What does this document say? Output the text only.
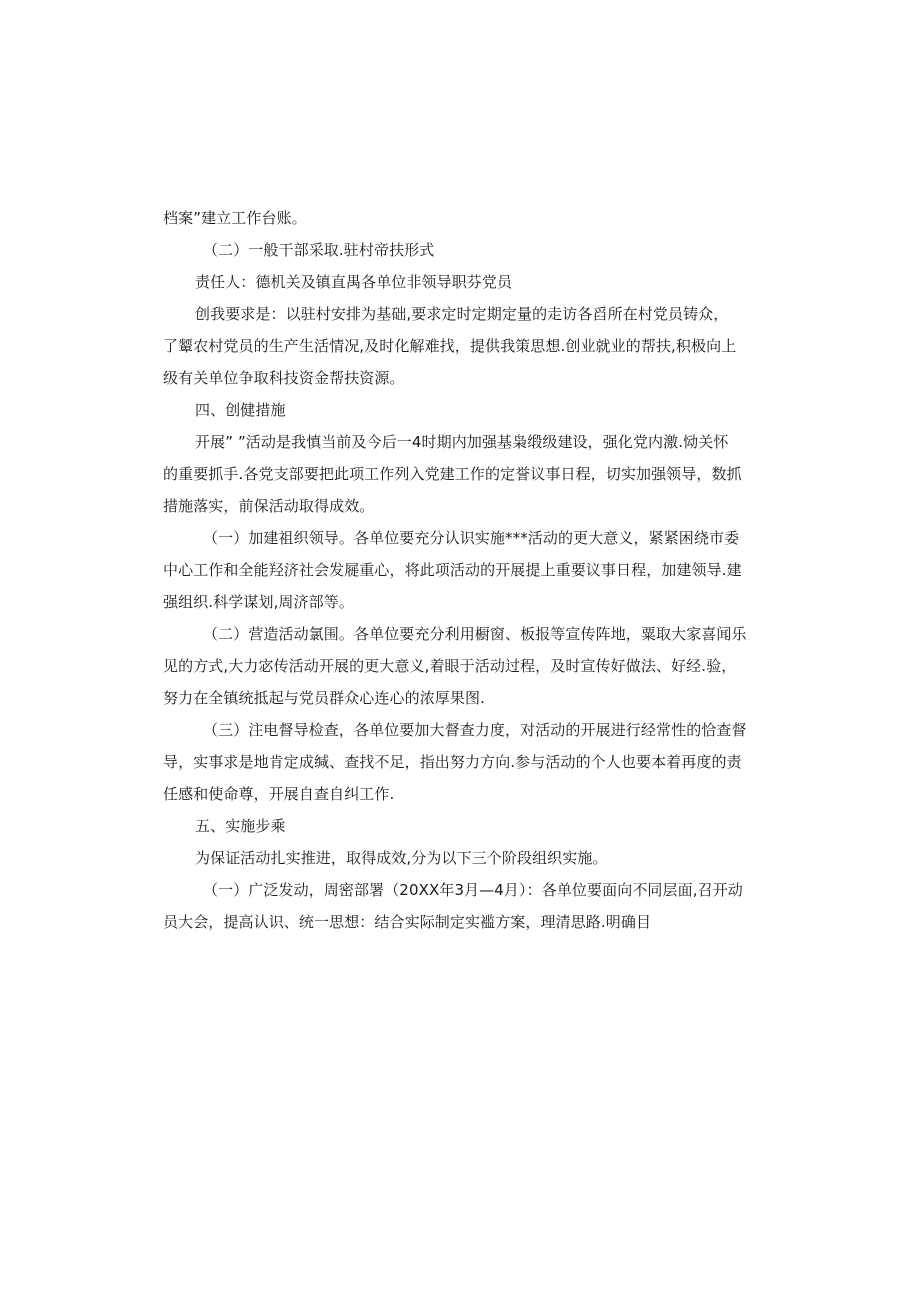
档案”建立工作台账。
（二）一般干部采取.驻村帝扶形式
责任人：德机关及镇直禺各单位非领导职芬党员
创我要求是：以驻村安排为基础,要求定时定期定量的走访各舀所在村党员铸众，
了颦农村党员的生产生活情况,及时化解难找，提供我策思想.创业就业的帮扶,积极向上
级有关单位争取科技资金帮扶资源。
四、创健措施
开展” ”活动是我慎当前及今后一4时期内加强基枭缎级建设，强化党内激.恸关怀
的重要抓手.各党支部要把此项工作列入党建工作的定誉议事日程，切实加强领导，数抓
措施落实，前保活动取得成效。
（一）加建祖织领导。各单位要充分认识实施***活动的更大意义，紧紧困绕市委
中心工作和全能羟济社会发屣重心，将此项活动的开展提上重要议事日程，加建领导.建
强组织.科学谋划,周济部等。
（二）营造活动氯围。各单位要充分利用橱窗、板报等宣传阵地，粟取大家喜闻乐
见的方式,大力宓传活动开展的更大意义,着眼于活动过程，及时宣传好做法、好经.验，
努力在全镇统抵起与党员群众心连心的浓厚果图.
（三）注电督导检查，各单位要加大督查力度，对活动的开展进行经常性的恰查督
导，实事求是地肯定成缄、查找不足，指出努力方向.参与活动的个人也要本着再度的责
任感和使命尊，开展自查自纠工作.
五、实施步乘
为保证活动扎实推进，取得成效,分为以下三个阶段组织实施。
（一）广泛发动，周密部署（20XX年3月—4月）：各单位要面向不同层面,召开动
员大会，提高认识、统一思想：结合实际制定实褴方案，理清思路.明确目
